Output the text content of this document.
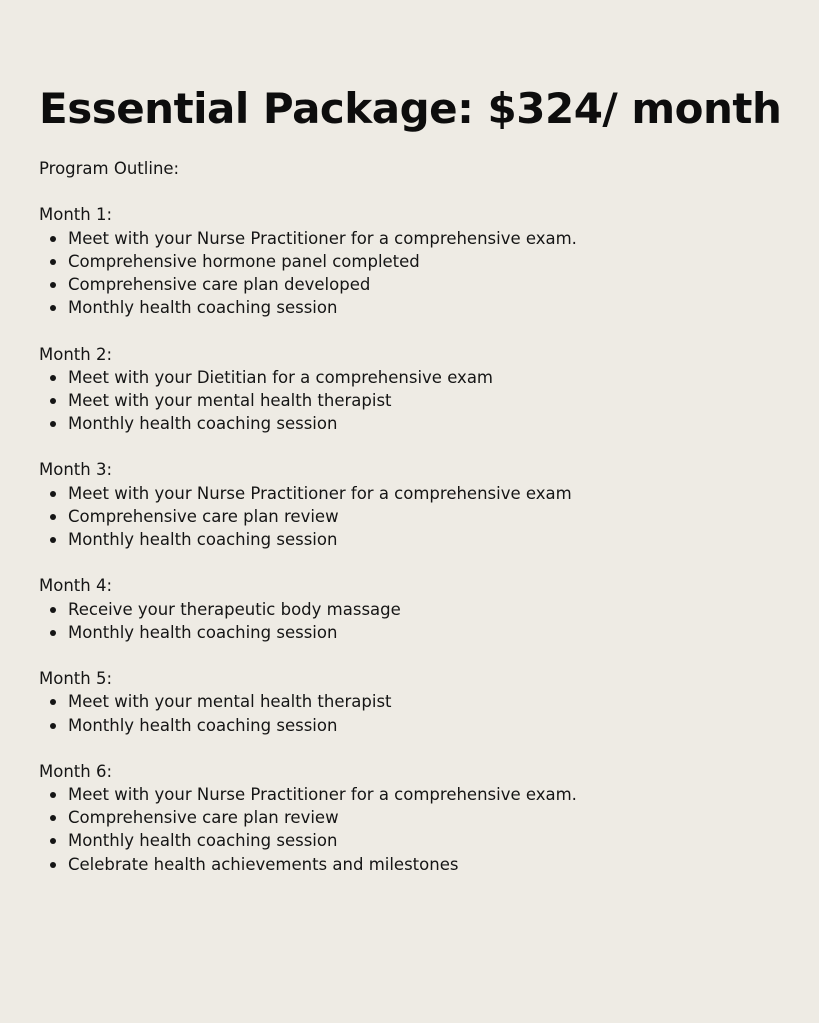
Essential Package: $324/ month

Program Outline:

Month 1:

Meet with your Nurse Practitioner for a comprehensive exam.
Comprehensive hormone panel completed
Comprehensive care plan developed
Monthly health coaching session

Month 2:

Meet with your Dietitian for a comprehensive exam
Meet with your mental health therapist
Monthly health coaching session

Month 3:

Meet with your Nurse Practitioner for a comprehensive exam
Comprehensive care plan review
Monthly health coaching session

Month 4:

Receive your therapeutic body massage
Monthly health coaching session

Month 5:

Meet with your mental health therapist
Monthly health coaching session

Month 6:

Meet with your Nurse Practitioner for a comprehensive exam.
Comprehensive care plan review
Monthly health coaching session
Celebrate health achievements and milestones
